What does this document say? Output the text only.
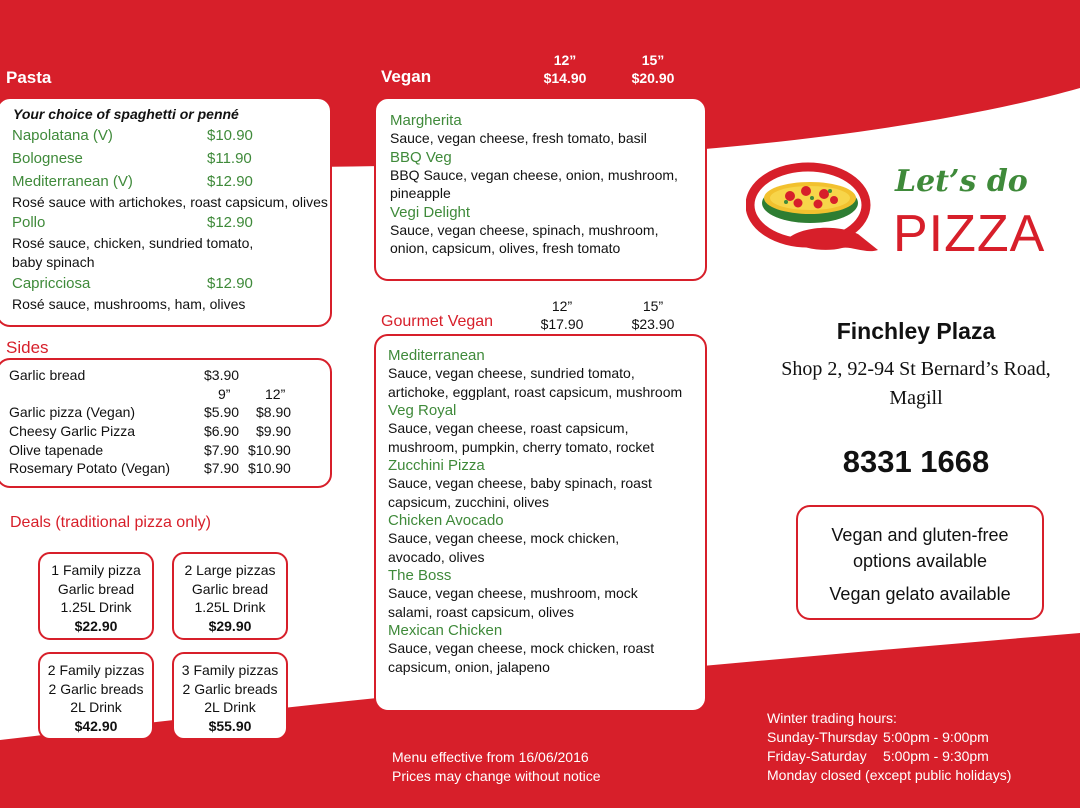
Pasta
Your choice of spaghetti or penné
Napolatana (V)	$10.90
Bolognese	$11.90
Mediterranean (V)	$12.90
Rosé sauce with artichokes, roast capsicum, olives
Pollo	$12.90
Rosé sauce, chicken, sundried tomato, baby spinach
Capricciosa	$12.90
Rosé sauce, mushrooms, ham, olives
Sides
Garlic bread	$3.90
9” 12”
Garlic pizza (Vegan)	$5.90 $8.90
Cheesy Garlic Pizza	$6.90 $9.90
Olive tapenade	$7.90 $10.90
Rosemary Potato (Vegan) $7.90 $10.90
Deals (traditional pizza only)
1 Family pizza
Garlic bread
1.25L Drink
$22.90
2 Large pizzas
Garlic bread
1.25L Drink
$29.90
2 Family pizzas
2 Garlic breads
2L Drink
$42.90
3 Family pizzas
2 Garlic breads
2L Drink
$55.90
Vegan
12”
$14.90
15”
$20.90
Margherita
Sauce, vegan cheese, fresh tomato, basil
BBQ Veg
BBQ Sauce, vegan cheese, onion, mushroom, pineapple
Vegi Delight
Sauce, vegan cheese, spinach, mushroom, onion, capsicum, olives, fresh tomato
Gourmet Vegan
12”
$17.90
15”
$23.90
Mediterranean
Sauce, vegan cheese, sundried tomato, artichoke, eggplant, roast capsicum, mushroom
Veg Royal
Sauce, vegan cheese, roast capsicum, mushroom, pumpkin, cherry tomato, rocket
Zucchini Pizza
Sauce, vegan cheese, baby spinach, roast capsicum, zucchini, olives
Chicken Avocado
Sauce, vegan cheese, mock chicken, avocado, olives
The Boss
Sauce, vegan cheese, mushroom, mock salami, roast capsicum, olives
Mexican Chicken
Sauce, vegan cheese, mock chicken, roast capsicum, onion, jalapeno
Menu effective from 16/06/2016
Prices may change without notice
Let’s do
PIZZA
Finchley Plaza
Shop 2, 92-94 St Bernard’s Road,
Magill
8331 1668
Vegan and gluten-free
options available
Vegan gelato available
Winter trading hours:
Sunday-Thursday 5:00pm - 9:00pm
Friday-Saturday 5:00pm - 9:30pm
Monday closed (except public holidays)
